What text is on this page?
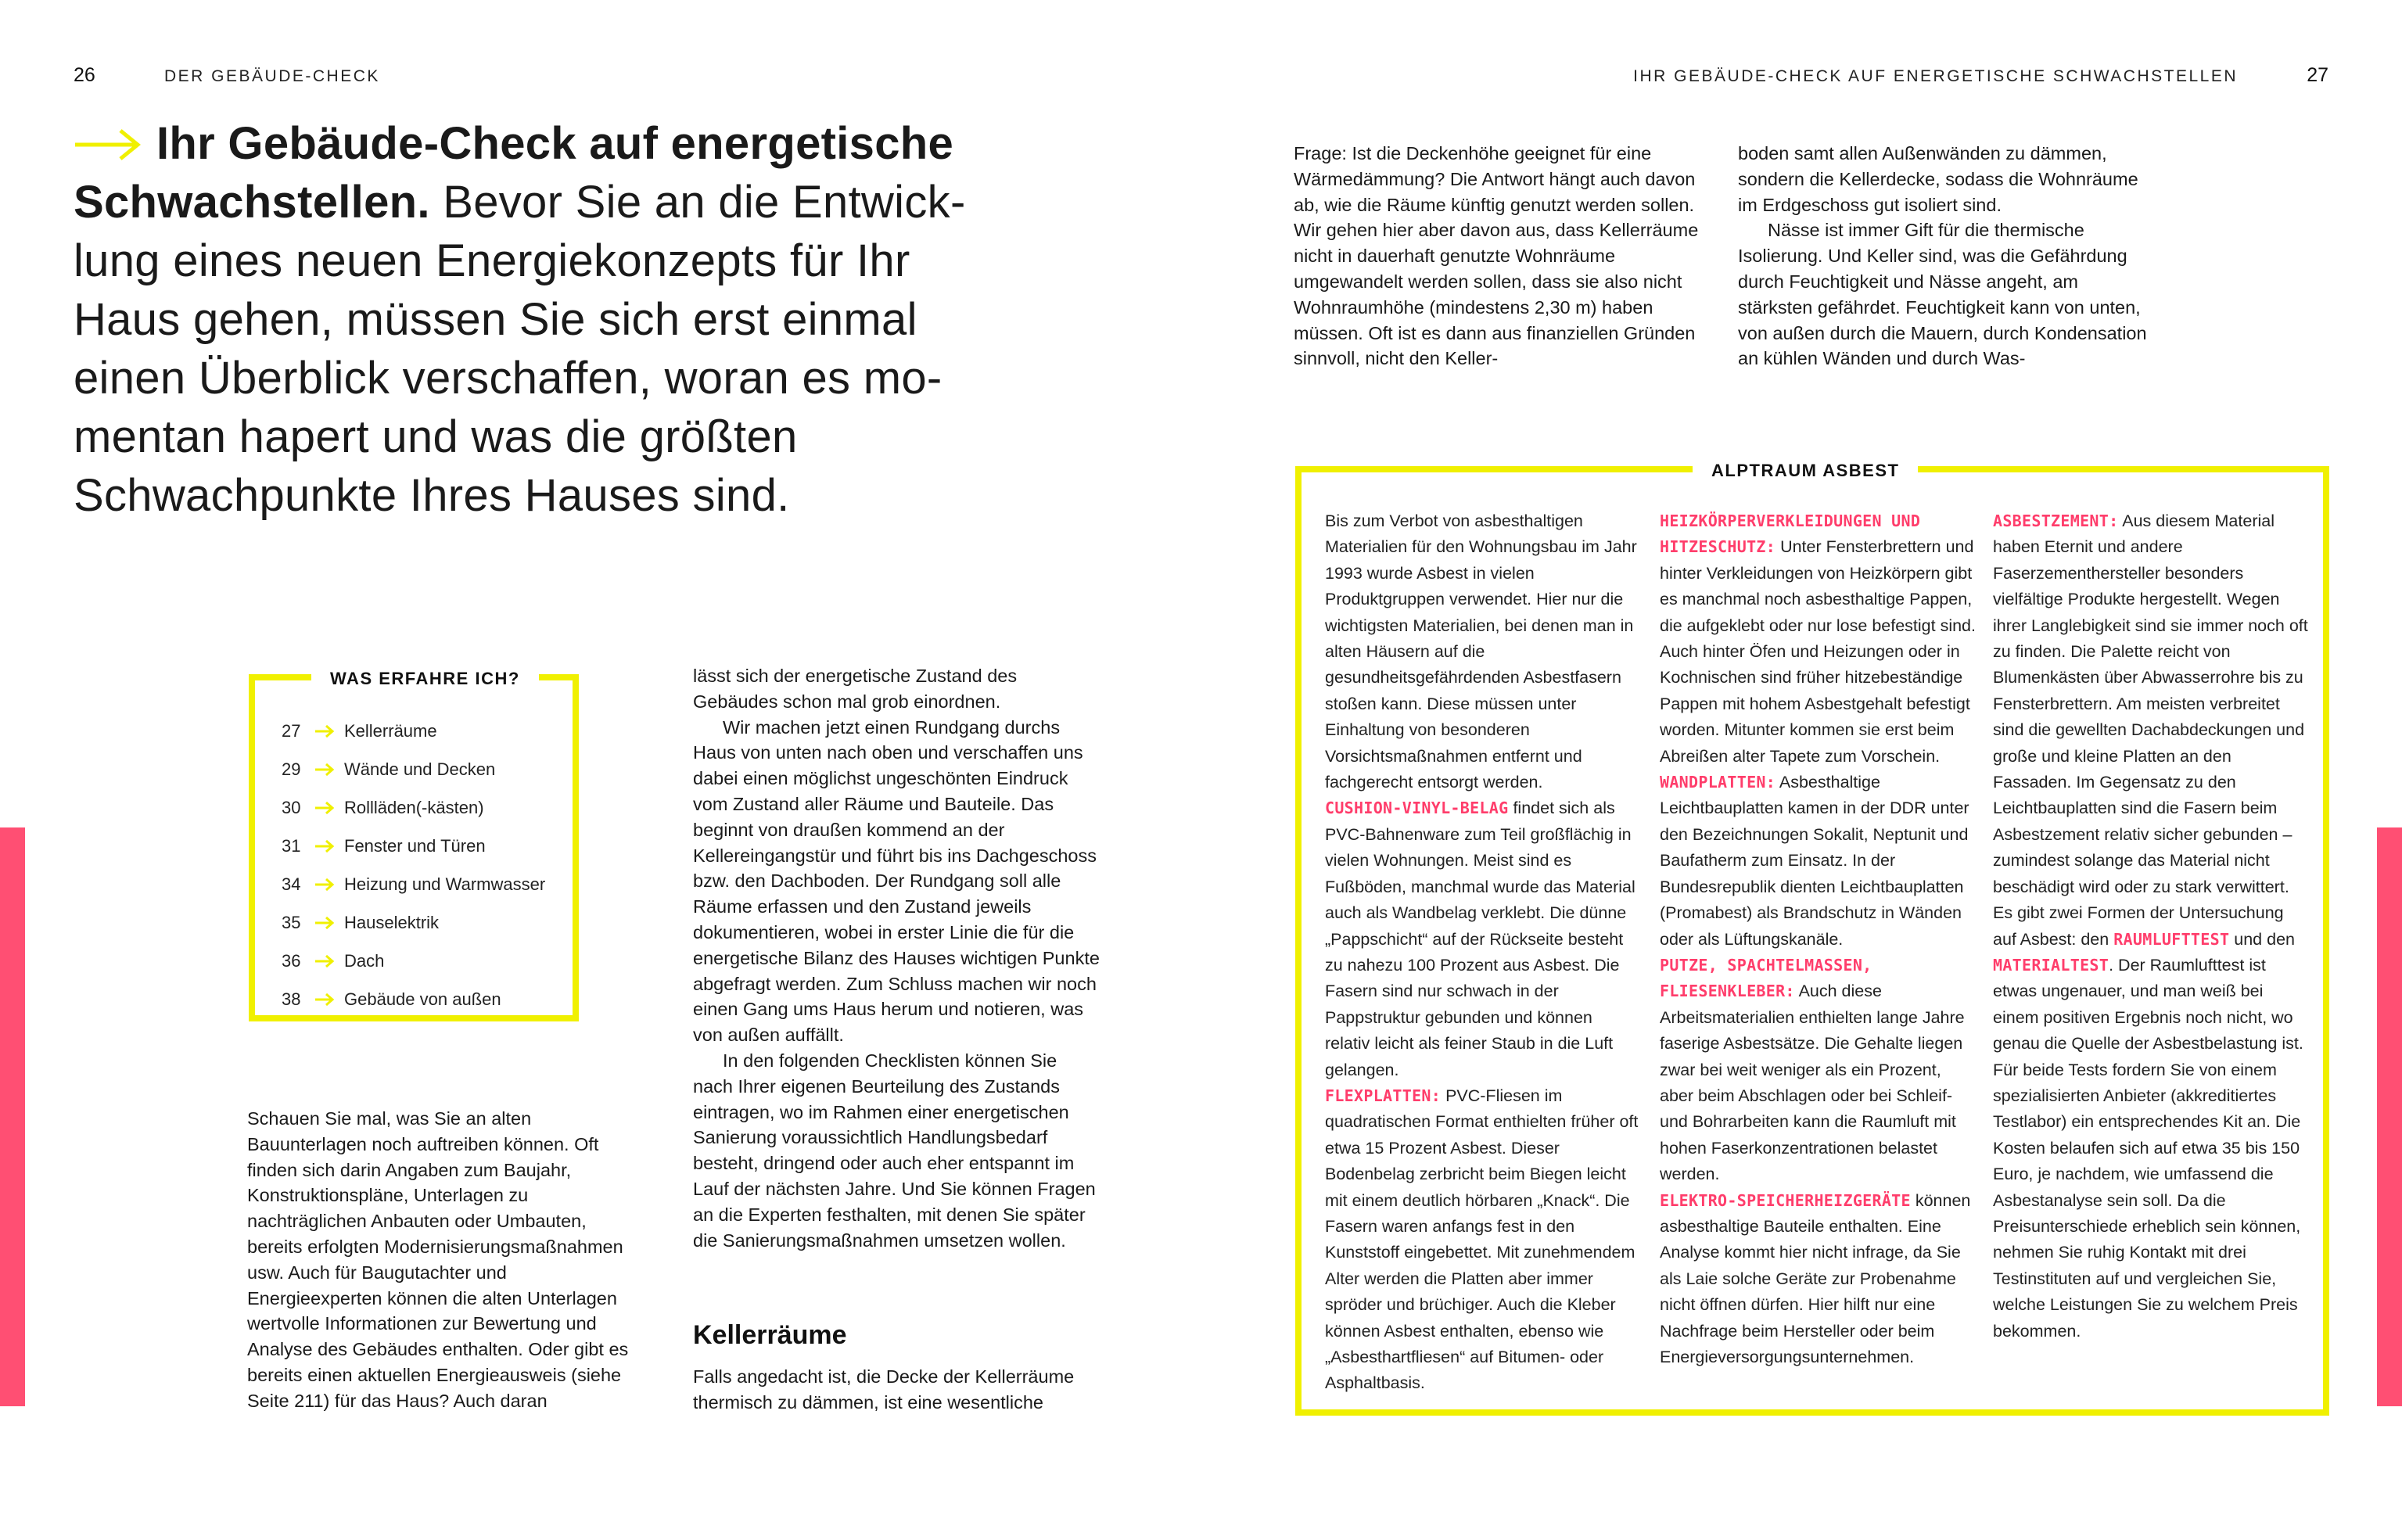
26	DER GEBÄUDE-CHECK
Ihr Gebäude-Check auf energetische
Schwachstellen. Bevor Sie an die Entwick-
lung eines neuen Energiekonzepts für Ihr
Haus gehen, müssen Sie sich erst einmal
einen Überblick verschaffen, woran es mo-
mentan hapert und was die größten
Schwachpunkte Ihres Hauses sind.
WAS ERFAHRE ICH?
27	Kellerräume
29	Wände und Decken
30	Rollläden(-kästen)
31	Fenster und Türen
34	Heizung und Warmwasser
35	Hauselektrik
36	Dach
38	Gebäude von außen

Schauen Sie mal, was Sie an alten Bauunterlagen noch auftreiben können. Oft finden sich darin Angaben zum Baujahr, Konstruktionspläne, Unterlagen zu nachträglichen Anbauten oder Umbauten, bereits erfolgten Modernisierungsmaßnahmen usw. Auch für Baugutachter und Energieexperten können die alten Unterlagen wertvolle Informationen zur Bewertung und Analyse des Gebäudes enthalten. Oder gibt es bereits einen aktuellen Energieausweis (siehe Seite 211) für das Haus? Auch daran

lässt sich der energetische Zustand des Gebäudes schon mal grob einordnen.

Wir machen jetzt einen Rundgang durchs Haus von unten nach oben und verschaffen uns dabei einen möglichst ungeschönten Eindruck vom Zustand aller Räume und Bauteile. Das beginnt von draußen kommend an der Kellereingangstür und führt bis ins Dachgeschoss bzw. den Dachboden. Der Rundgang soll alle Räume erfassen und den Zustand jeweils dokumentieren, wobei in erster Linie die für die energetische Bilanz des Hauses wichtigen Punkte abgefragt werden. Zum Schluss machen wir noch einen Gang ums Haus herum und notieren, was von außen auffällt.

In den folgenden Checklisten können Sie nach Ihrer eigenen Beurteilung des Zustands eintragen, wo im Rahmen einer energetischen Sanierung voraussichtlich Handlungsbedarf besteht, dringend oder auch eher entspannt im Lauf der nächsten Jahre. Und Sie können Fragen an die Experten festhalten, mit denen Sie später die Sanierungsmaßnahmen umsetzen wollen.

Kellerräume

Falls angedacht ist, die Decke der Kellerräume thermisch zu dämmen, ist eine wesentliche

IHR GEBÄUDE-CHECK AUF ENERGETISCHE SCHWACHSTELLEN	27

Frage: Ist die Deckenhöhe geeignet für eine Wärmedämmung? Die Antwort hängt auch davon ab, wie die Räume künftig genutzt werden sollen. Wir gehen hier aber davon aus, dass Kellerräume nicht in dauerhaft genutzte Wohnräume umgewandelt werden sollen, dass sie also nicht Wohnraumhöhe (mindestens 2,30 m) haben müssen. Oft ist es dann aus finanziellen Gründen sinnvoll, nicht den Keller-

boden samt allen Außenwänden zu dämmen, sondern die Kellerdecke, sodass die Wohnräume im Erdgeschoss gut isoliert sind.

Nässe ist immer Gift für die thermische Isolierung. Und Keller sind, was die Gefährdung durch Feuchtigkeit und Nässe angeht, am stärksten gefährdet. Feuchtigkeit kann von unten, von außen durch die Mauern, durch Kondensation an kühlen Wänden und durch Was-

ALPTRAUM ASBEST

Bis zum Verbot von asbesthaltigen Materialien für den Wohnungsbau im Jahr 1993 wurde Asbest in vielen Produktgruppen verwendet. Hier nur die wichtigsten Materialien, bei denen man in alten Häusern auf die gesundheitsgefährdenden Asbestfasern stoßen kann. Diese müssen unter Einhaltung von besonderen Vorsichtsmaßnahmen entfernt und fachgerecht entsorgt werden.

CUSHION-VINYL-BELAG findet sich als PVC-Bahnenware zum Teil großflächig in vielen Wohnungen. Meist sind es Fußböden, manchmal wurde das Material auch als Wandbelag verklebt. Die dünne „Pappschicht“ auf der Rückseite besteht zu nahezu 100 Prozent aus Asbest. Die Fasern sind nur schwach in der Pappstruktur gebunden und können relativ leicht als feiner Staub in die Luft gelangen.

FLEXPLATTEN: PVC-Fliesen im quadratischen Format enthielten früher oft etwa 15 Prozent Asbest. Dieser Bodenbelag zerbricht beim Biegen leicht mit einem deutlich hörbaren „Knack“. Die Fasern waren anfangs fest in den Kunststoff eingebettet. Mit zunehmendem Alter werden die Platten aber immer spröder und brüchiger. Auch die Kleber können Asbest enthalten, ebenso wie „Asbesthartfliesen“ auf Bitumen- oder Asphaltbasis.

HEIZKÖRPERVERKLEIDUNGEN UND HITZESCHUTZ: Unter Fensterbrettern und hinter Verkleidungen von Heizkörpern gibt es manchmal noch asbesthaltige Pappen, die aufgeklebt oder nur lose befestigt sind. Auch hinter Öfen und Heizungen oder in Kochnischen sind früher hitzebeständige Pappen mit hohem Asbestgehalt befestigt worden. Mitunter kommen sie erst beim Abreißen alter Tapete zum Vorschein.

WANDPLATTEN: Asbesthaltige Leichtbauplatten kamen in der DDR unter den Bezeichnungen Sokalit, Neptunit und Baufatherm zum Einsatz. In der Bundesrepublik dienten Leichtbauplatten (Promabest) als Brandschutz in Wänden oder als Lüftungskanäle.

PUTZE, SPACHTELMASSEN, FLIESENKLEBER: Auch diese Arbeitsmaterialien enthielten lange Jahre faserige Asbestsätze. Die Gehalte liegen zwar bei weit weniger als ein Prozent, aber beim Abschlagen oder bei Schleif- und Bohrarbeiten kann die Raumluft mit hohen Faserkonzentrationen belastet werden.

ELEKTRO-SPEICHERHEIZGERÄTE können asbesthaltige Bauteile enthalten. Eine Analyse kommt hier nicht infrage, da Sie als Laie solche Geräte zur Probenahme nicht öffnen dürfen. Hier hilft nur eine Nachfrage beim Hersteller oder beim Energieversorgungsunternehmen.

ASBESTZEMENT: Aus diesem Material haben Eternit und andere Faserzementhersteller besonders vielfältige Produkte hergestellt. Wegen ihrer Langlebigkeit sind sie immer noch oft zu finden. Die Palette reicht von Blumenkästen über Abwasserrohre bis zu Fensterbrettern. Am meisten verbreitet sind die gewellten Dachabdeckungen und große und kleine Platten an den Fassaden. Im Gegensatz zu den Leichtbauplatten sind die Fasern beim Asbestzement relativ sicher gebunden – zumindest solange das Material nicht beschädigt wird oder zu stark verwittert.

Es gibt zwei Formen der Untersuchung auf Asbest: den RAUMLUFTTEST und den MATERIALTEST. Der Raumlufttest ist etwas ungenauer, und man weiß bei einem positiven Ergebnis noch nicht, wo genau die Quelle der Asbestbelastung ist. Für beide Tests fordern Sie von einem spezialisierten Anbieter (akkreditiertes Testlabor) ein entsprechendes Kit an. Die Kosten belaufen sich auf etwa 35 bis 150 Euro, je nachdem, wie umfassend die Asbestanalyse sein soll. Da die Preisunterschiede erheblich sein können, nehmen Sie ruhig Kontakt mit drei Testinstituten auf und vergleichen Sie, welche Leistungen Sie zu welchem Preis bekommen.
